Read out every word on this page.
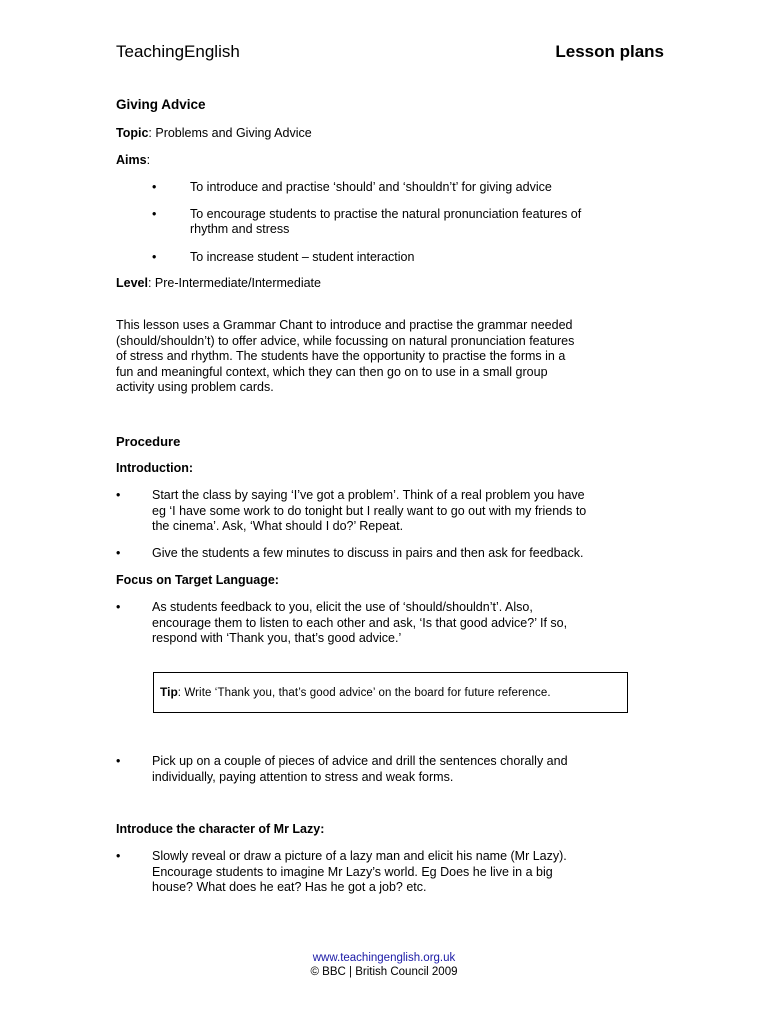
TeachingEnglish	Lesson plans
Giving Advice
Topic: Problems and Giving Advice
Aims:
•	To introduce and practise ‘should’ and ‘shouldn’t’ for giving advice
•	To encourage students to practise the natural pronunciation features of
rhythm and stress
•	To increase student – student interaction
Level: Pre-Intermediate/Intermediate
This lesson uses a Grammar Chant to introduce and practise the grammar needed
(should/shouldn’t) to offer advice, while focussing on natural pronunciation features
of stress and rhythm. The students have the opportunity to practise the forms in a
fun and meaningful context, which they can then go on to use in a small group
activity using problem cards.
Procedure
Introduction:
•	Start the class by saying ‘I’ve got a problem’. Think of a real problem you have
eg ‘I have some work to do tonight but I really want to go out with my friends to
the cinema’. Ask, ‘What should I do?’ Repeat.
•	Give the students a few minutes to discuss in pairs and then ask for feedback.
Focus on Target Language:
•	As students feedback to you, elicit the use of ‘should/shouldn’t’. Also,
encourage them to listen to each other and ask, ‘Is that good advice?’ If so,
respond with ‘Thank you, that’s good advice.’
Tip: Write ‘Thank you, that’s good advice’ on the board for future reference.
•	Pick up on a couple of pieces of advice and drill the sentences chorally and
individually, paying attention to stress and weak forms.
Introduce the character of Mr Lazy:
•	Slowly reveal or draw a picture of a lazy man and elicit his name (Mr Lazy).
Encourage students to imagine Mr Lazy’s world. Eg Does he live in a big
house? What does he eat? Has he got a job? etc.
www.teachingenglish.org.uk
© BBC | British Council 2009
